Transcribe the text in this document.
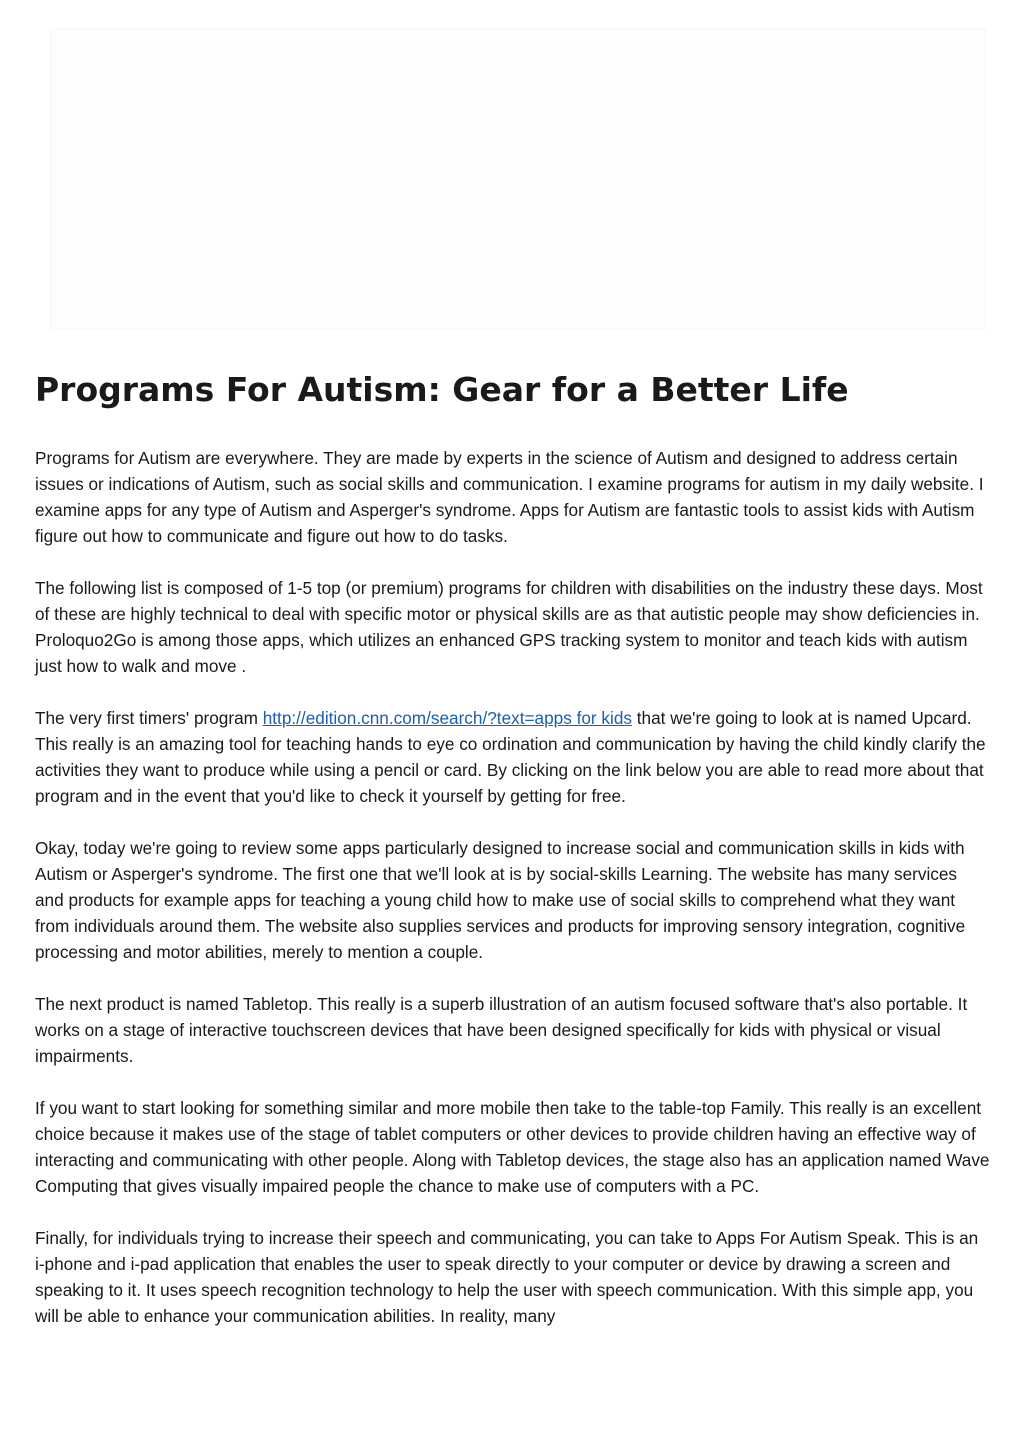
Programs For Autism: Gear for a Better Life

Programs for Autism are everywhere. They are made by experts in the science of Autism and designed to address certain issues or indications of Autism, such as social skills and communication. I examine programs for autism in my daily website. I examine apps for any type of Autism and Asperger's syndrome. Apps for Autism are fantastic tools to assist kids with Autism figure out how to communicate and figure out how to do tasks.

The following list is composed of 1-5 top (or premium) programs for children with disabilities on the industry these days. Most of these are highly technical to deal with specific motor or physical skills are as that autistic people may show deficiencies in. Proloquo2Go is among those apps, which utilizes an enhanced GPS tracking system to monitor and teach kids with autism just how to walk and move .

The very first timers' program http://edition.cnn.com/search/?text=apps for kids that we're going to look at is named Upcard. This really is an amazing tool for teaching hands to eye co ordination and communication by having the child kindly clarify the activities they want to produce while using a pencil or card. By clicking on the link below you are able to read more about that program and in the event that you'd like to check it yourself by getting for free.

Okay, today we're going to review some apps particularly designed to increase social and communication skills in kids with Autism or Asperger's syndrome. The first one that we'll look at is by social-skills Learning. The website has many services and products for example apps for teaching a young child how to make use of social skills to comprehend what they want from individuals around them. The website also supplies services and products for improving sensory integration, cognitive processing and motor abilities, merely to mention a couple.

The next product is named Tabletop. This really is a superb illustration of an autism focused software that's also portable. It works on a stage of interactive touchscreen devices that have been designed specifically for kids with physical or visual impairments.

If you want to start looking for something similar and more mobile then take to the table-top Family. This really is an excellent choice because it makes use of the stage of tablet computers or other devices to provide children having an effective way of interacting and communicating with other people. Along with Tabletop devices, the stage also has an application named Wave Computing that gives visually impaired people the chance to make use of computers with a PC.

Finally, for individuals trying to increase their speech and communicating, you can take to Apps For Autism Speak. This is an i-phone and i-pad application that enables the user to speak directly to your computer or device by drawing a screen and speaking to it. It uses speech recognition technology to help the user with speech communication. With this simple app, you will be able to enhance your communication abilities. In reality, many
